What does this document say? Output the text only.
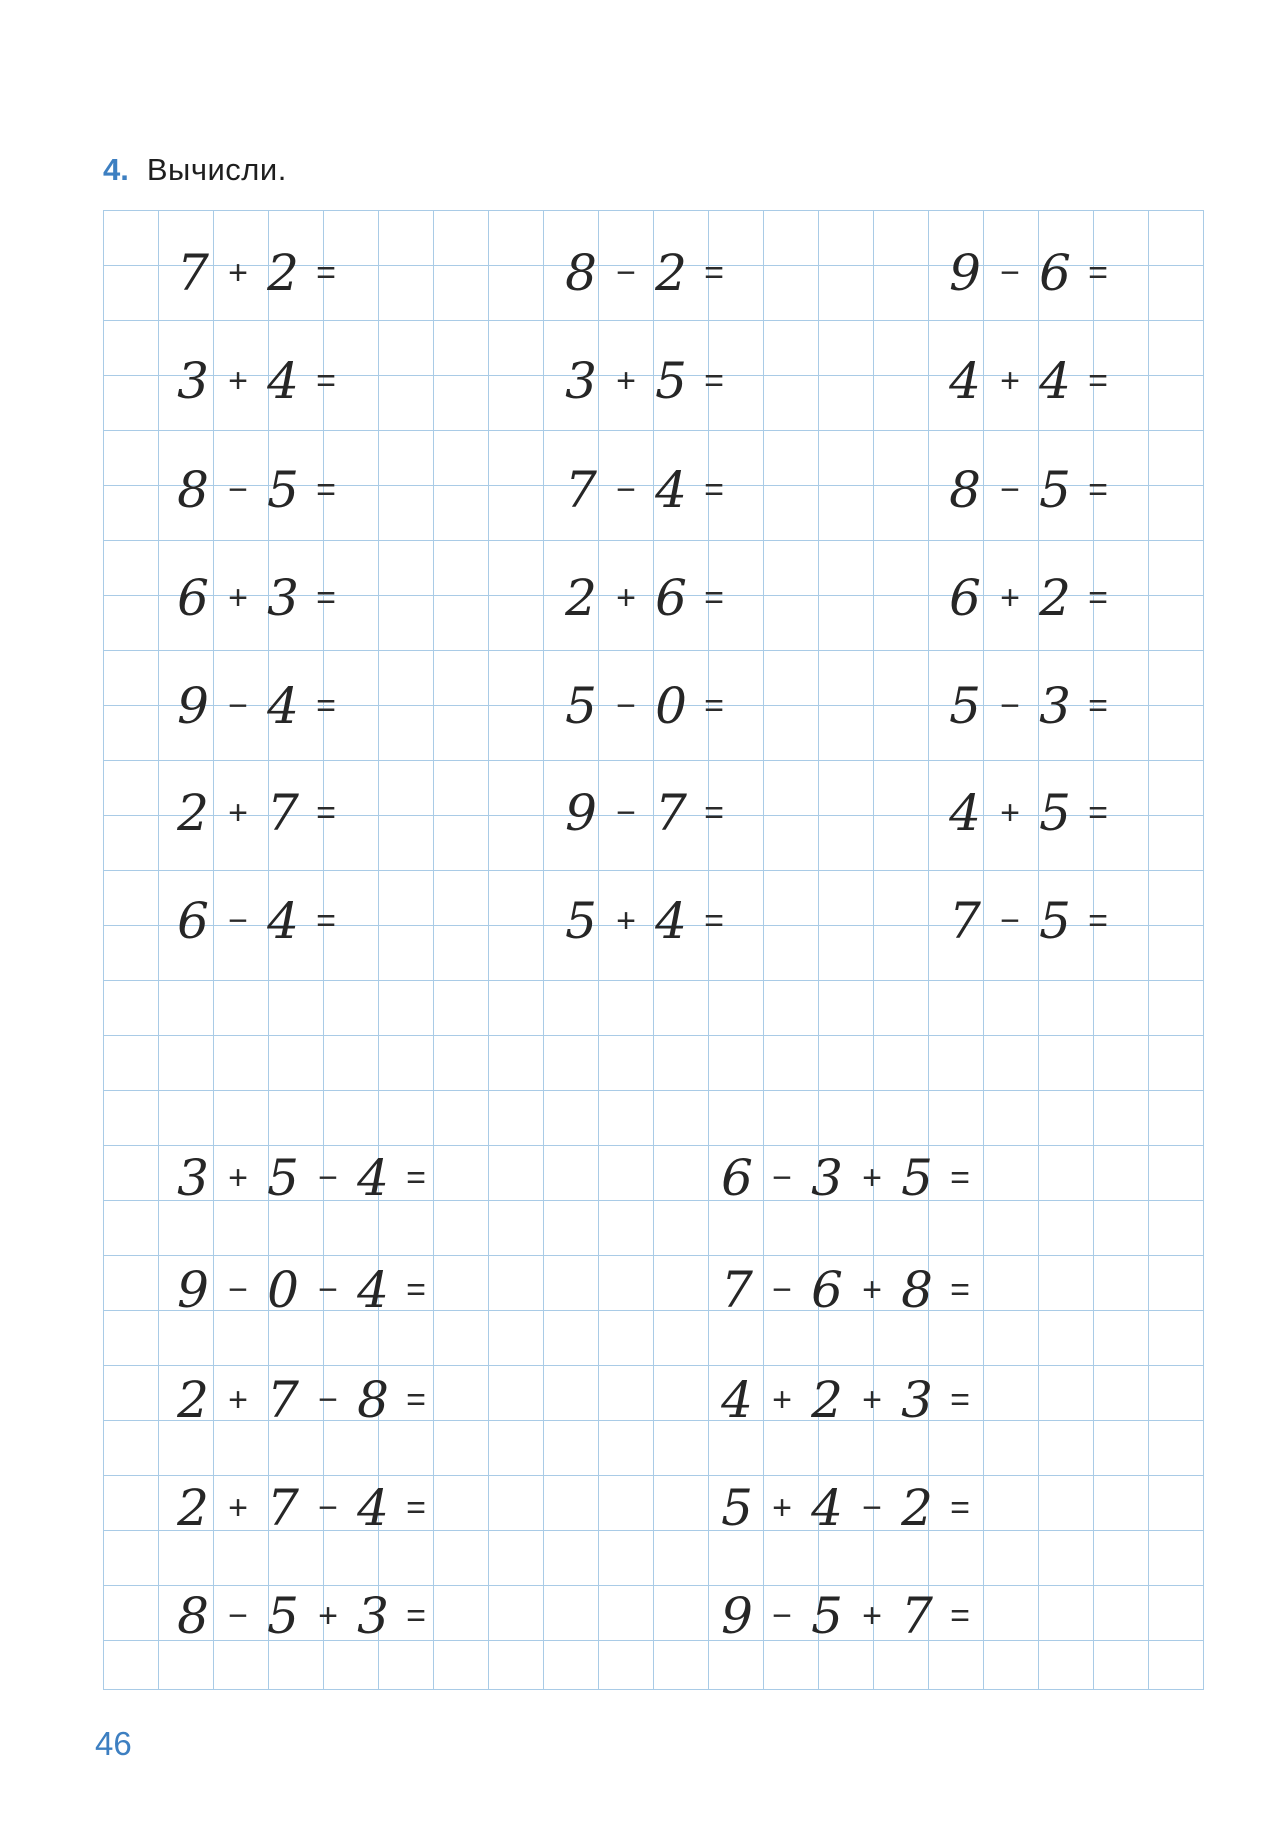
4. Вычисли.
7 + 2 =
3 + 4 =
8 − 5 =
6 + 3 =
9 − 4 =
2 + 7 =
6 − 4 =
8 − 2 =
3 + 5 =
7 − 4 =
2 + 6 =
5 − 0 =
9 − 7 =
5 + 4 =
9 − 6 =
4 + 4 =
8 − 5 =
6 + 2 =
5 − 3 =
4 + 5 =
7 − 5 =
3 + 5 − 4 =
9 − 0 − 4 =
2 + 7 − 8 =
2 + 7 − 4 =
8 − 5 + 3 =
6 − 3 + 5 =
7 − 6 + 8 =
4 + 2 + 3 =
5 + 4 − 2 =
9 − 5 + 7 =
46
